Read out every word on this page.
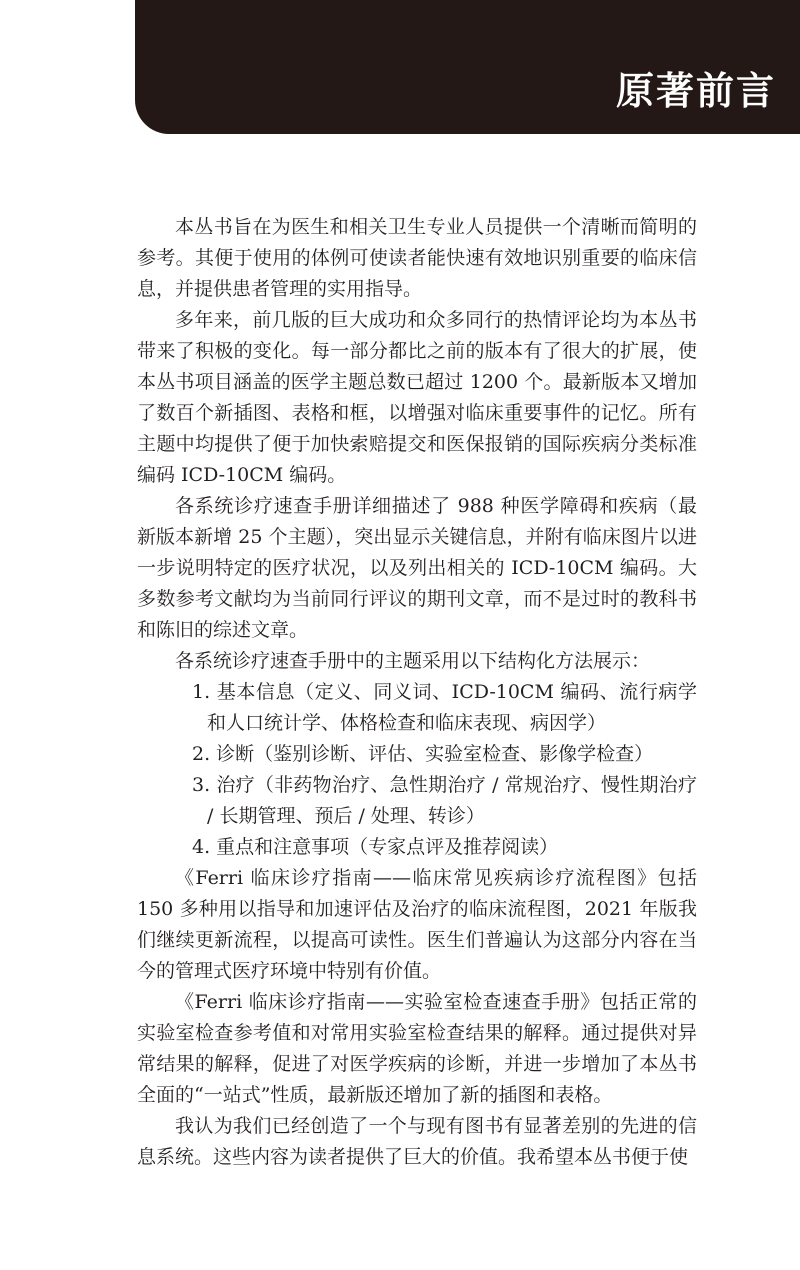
原著前言

本丛书旨在为医生和相关卫生专业人员提供一个清晰而简明的参考。其便于使用的体例可使读者能快速有效地识别重要的临床信息，并提供患者管理的实用指导。

多年来，前几版的巨大成功和众多同行的热情评论均为本丛书带来了积极的变化。每一部分都比之前的版本有了很大的扩展，使本丛书项目涵盖的医学主题总数已超过 1200 个。最新版本又增加了数百个新插图、表格和框，以增强对临床重要事件的记忆。所有主题中均提供了便于加快索赔提交和医保报销的国际疾病分类标准编码 ICD-10CM 编码。

各系统诊疗速查手册详细描述了 988 种医学障碍和疾病（最新版本新增 25 个主题），突出显示关键信息，并附有临床图片以进一步说明特定的医疗状况，以及列出相关的 ICD-10CM 编码。大多数参考文献均为当前同行评议的期刊文章，而不是过时的教科书和陈旧的综述文章。

各系统诊疗速查手册中的主题采用以下结构化方法展示：

1. 基本信息（定义、同义词、ICD-10CM 编码、流行病学和人口统计学、体格检查和临床表现、病因学）

2. 诊断（鉴别诊断、评估、实验室检查、影像学检查）

3. 治疗（非药物治疗、急性期治疗 / 常规治疗、慢性期治疗 / 长期管理、预后 / 处理、转诊）

4. 重点和注意事项（专家点评及推荐阅读）

《Ferri 临床诊疗指南——临床常见疾病诊疗流程图》包括 150 多种用以指导和加速评估及治疗的临床流程图，2021 年版我们继续更新流程，以提高可读性。医生们普遍认为这部分内容在当今的管理式医疗环境中特别有价值。

《Ferri 临床诊疗指南——实验室检查速查手册》包括正常的实验室检查参考值和对常用实验室检查结果的解释。通过提供对异常结果的解释，促进了对医学疾病的诊断，并进一步增加了本丛书全面的“一站式”性质，最新版还增加了新的插图和表格。

我认为我们已经创造了一个与现有图书有显著差别的先进的信息系统。这些内容为读者提供了巨大的价值。我希望本丛书便于使
